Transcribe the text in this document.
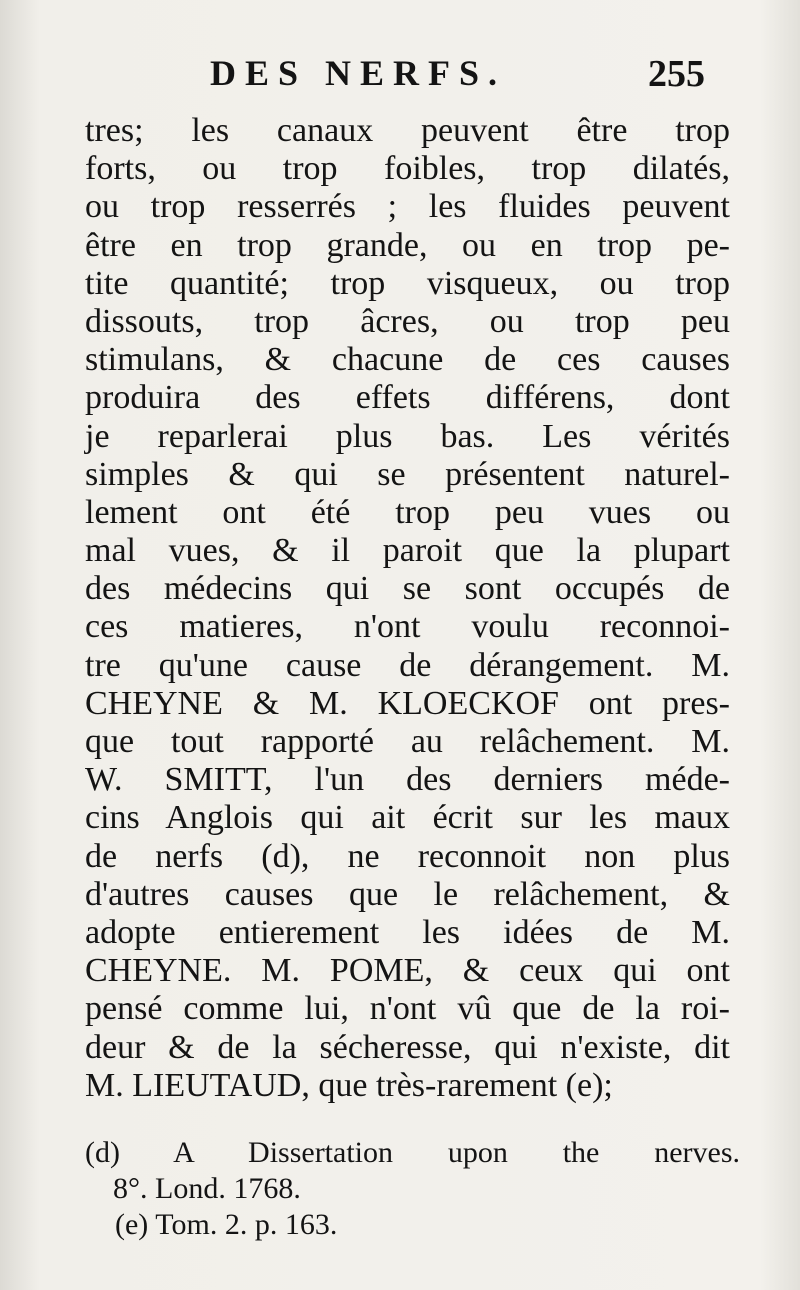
DES NERFS.	255
tres; les canaux peuvent être trop
forts, ou trop foibles, trop dilatés,
ou trop resserrés ; les fluides peuvent
être en trop grande, ou en trop pe-
tite quantité; trop visqueux, ou trop
dissouts, trop âcres, ou trop peu
stimulans, & chacune de ces causes
produira des effets différens, dont
je reparlerai plus bas. Les vérités
simples & qui se présentent naturel-
lement ont été trop peu vues ou
mal vues, & il paroit que la plupart
des médecins qui se sont occupés de
ces matieres, n'ont voulu reconnoi-
tre qu'une cause de dérangement. M.
CHEYNE & M. KLOECKOF ont pres-
que tout rapporté au relâchement. M.
W. SMITT, l'un des derniers méde-
cins Anglois qui ait écrit sur les maux
de nerfs (d), ne reconnoit non plus
d'autres causes que le relâchement, &
adopte entierement les idées de M.
CHEYNE. M. POME, & ceux qui ont
pensé comme lui, n'ont vû que de la roi-
deur & de la sécheresse, qui n'existe, dit
M. LIEUTAUD, que très-rarement (e);
(d) A Dissertation upon the nerves.
8°. Lond. 1768.
(e) Tom. 2. p. 163.
